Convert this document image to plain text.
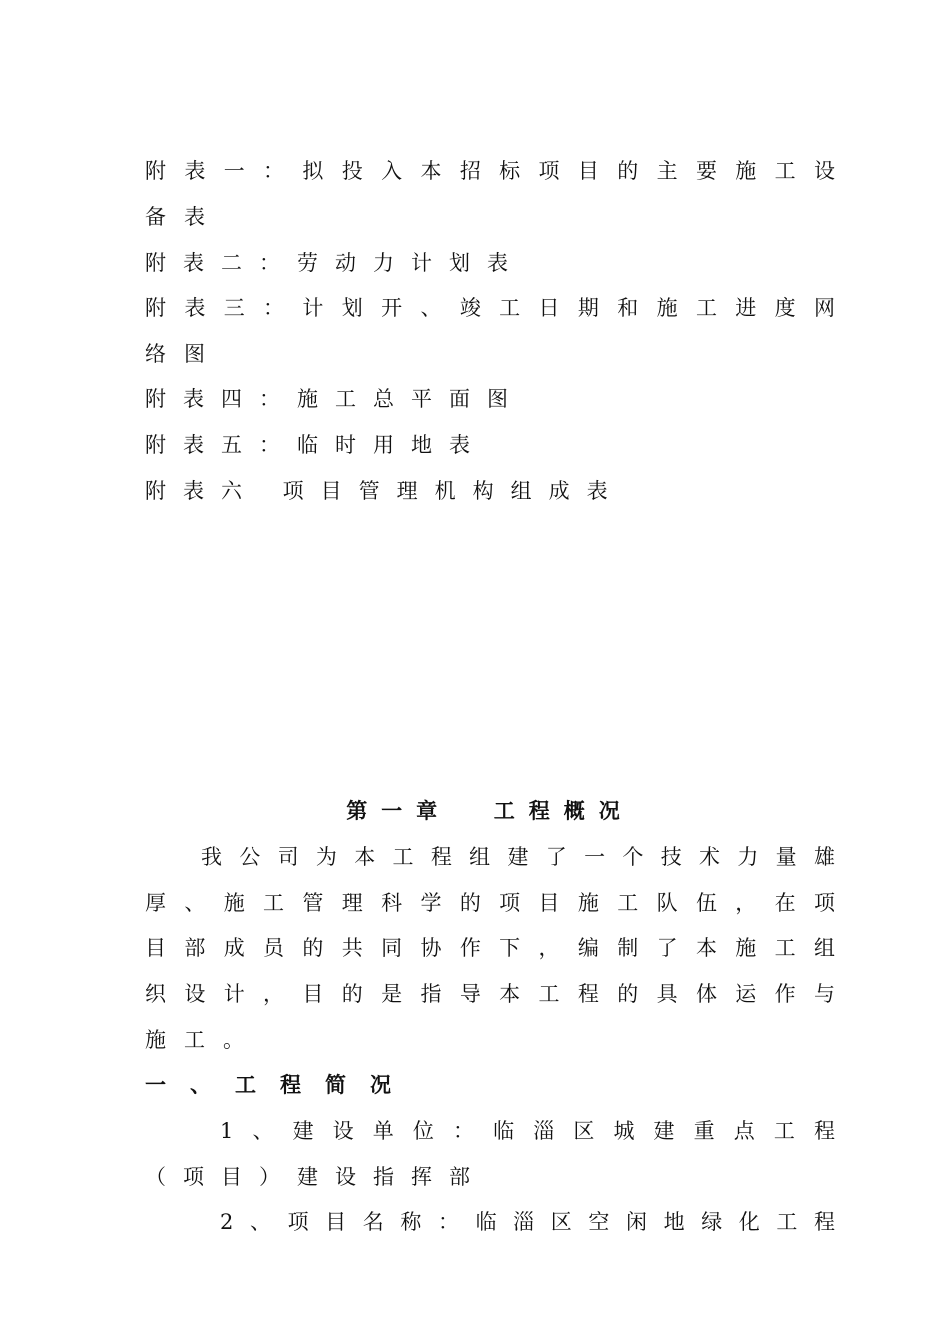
附表一：拟投入本招标项目的主要施工设
备表
附表二：劳动力计划表
附表三：计划开、竣工日期和施工进度网
络图
附表四：施工总平面图
附表五：临时用地表
附表六 项目管理机构组成表
第一章  工程概况
我公司为本工程组建了一个技术力量雄
厚、施工管理科学的项目施工队伍，在项
目部成员的共同协作下，编制了本施工组
织设计，目的是指导本工程的具体运作与
施工。
一、工程简况
1、建设单位：临淄区城建重点工程
（项目）建设指挥部
2、项目名称：临淄区空闲地绿化工程
